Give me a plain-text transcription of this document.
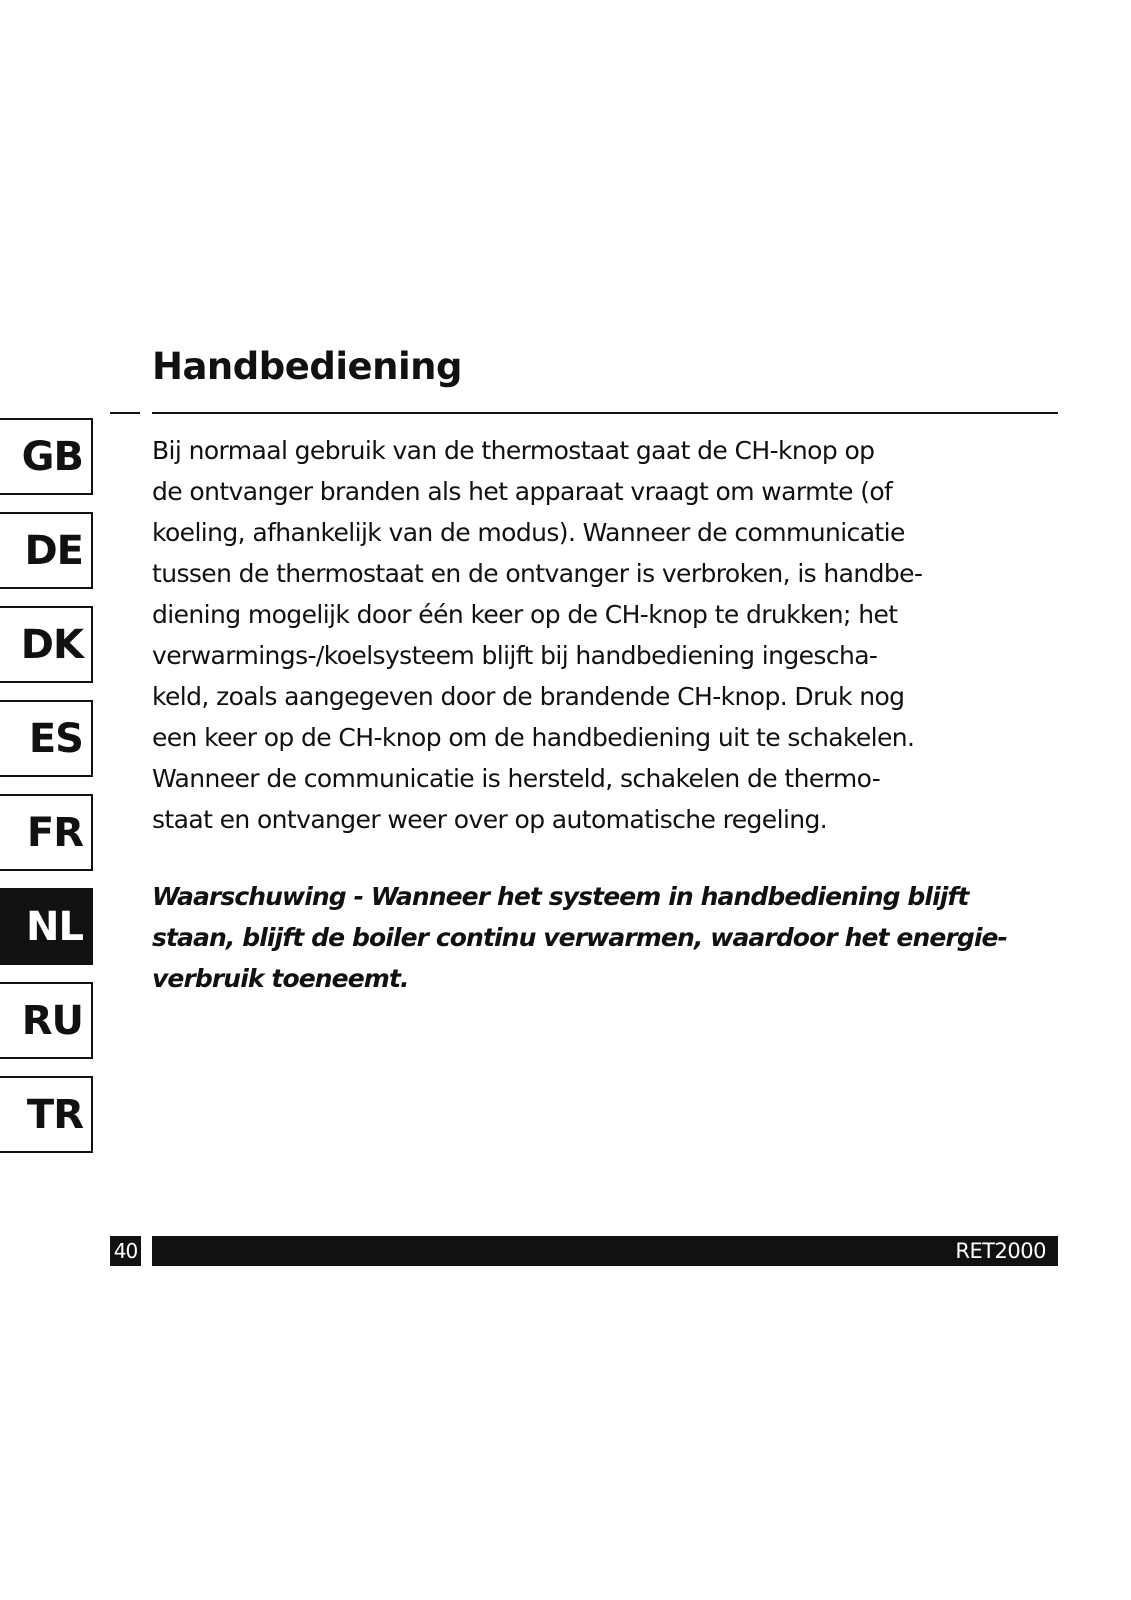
Handbediening
Bij normaal gebruik van de thermostaat gaat de CH-knop op
de ontvanger branden als het apparaat vraagt om warmte (of
koeling, afhankelijk van de modus). Wanneer de communicatie
tussen de thermostaat en de ontvanger is verbroken, is handbe-
diening mogelijk door één keer op de CH-knop te drukken; het
verwarmings-/koelsysteem blijft bij handbediening ingescha-
keld, zoals aangegeven door de brandende CH-knop. Druk nog
een keer op de CH-knop om de handbediening uit te schakelen.
Wanneer de communicatie is hersteld, schakelen de thermo-
staat en ontvanger weer over op automatische regeling.
Waarschuwing - Wanneer het systeem in handbediening blijft
staan, blijft de boiler continu verwarmen, waardoor het energie-
verbruik toeneemt.
GB
DE
DK
ES
FR
NL
RU
TR
40	RET2000
